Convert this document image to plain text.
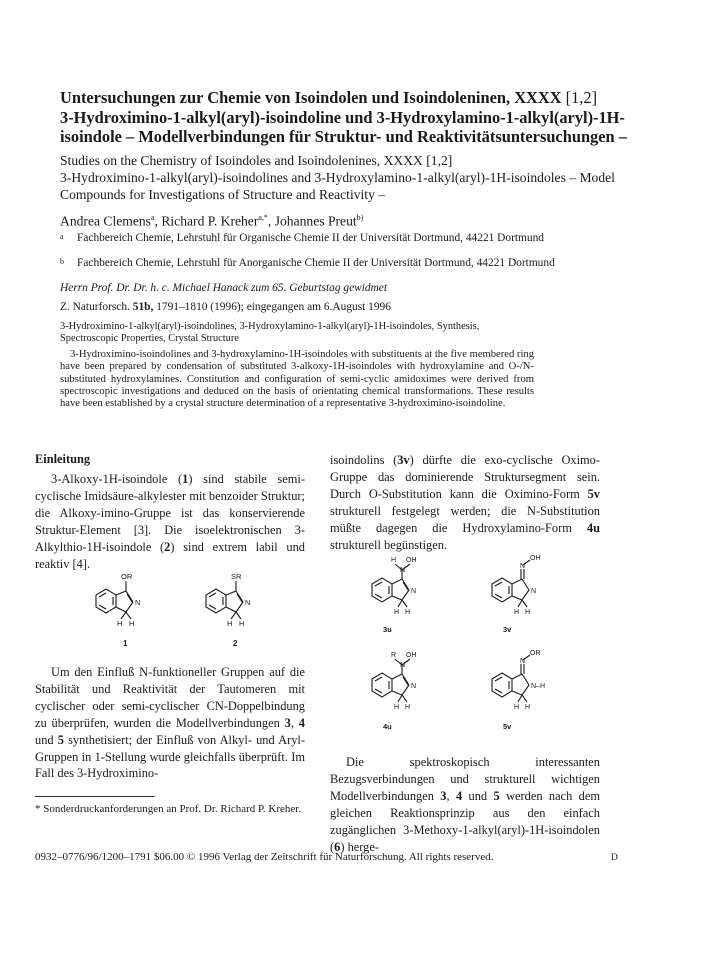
Untersuchungen zur Chemie von Isoindolen und Isoindoleninen, XXXX [1,2]
3-Hydroximino-1-alkyl(aryl)-isoindoline und 3-Hydroxylamino-1-alkyl(aryl)-1H-isoindole – Modellverbindungen für Struktur- und Reaktivitätsuntersuchungen –
Studies on the Chemistry of Isoindoles and Isoindolenines, XXXX [1,2]
3-Hydroximino-1-alkyl(aryl)-isoindolines and 3-Hydroxylamino-1-alkyl(aryl)-1H-isoindoles – Model Compounds for Investigations of Structure and Reactivity –
Andrea Clemens$^a$, Richard P. Kreher$^{a,*}$, Johannes Preut$^{b)}$
a	Fachbereich Chemie, Lehrstuhl für Organische Chemie II der Universität Dortmund, 44221 Dortmund
b	Fachbereich Chemie, Lehrstuhl für Anorganische Chemie II der Universität Dortmund, 44221 Dortmund
Herrn Prof. Dr. Dr. h. c. Michael Hanack zum 65. Geburtstag gewidmet
Z. Naturforsch. 51b, 1791–1810 (1996); eingegangen am 6.August 1996
3-Hydroximino-1-alkyl(aryl)-isoindolines, 3-Hydroxylamino-1-alkyl(aryl)-1H-isoindoles, Synthesis, Spectroscopic Properties, Crystal Structure
3-Hydroximino-isoindolines and 3-hydroxylamino-1H-isoindoles with substituents at the five membered ring have been prepared by condensation of substituted 3-alkoxy-1H-isoindoles with hydroxylamine and O-/N-substituted hydroxylamines. Constitution and configuration of semi-cyclic amidoximes were derived from spectroscopic investigations and deduced on the basis of orientating chemical transformations. These results have been established by a crystal structure determination of a representative 3-hydroximino-isoindoline.
Einleitung

3-Alkoxy-1H-isoindole (1) sind stabile semi-cyclische Imidsäure-alkylester mit benzoider Struktur; die Alkoxy-imino-Gruppe ist das konservierende Struktur-Element [3]. Die isoelektronischen 3-Alkylthio-1H-isoindole (2) sind extrem labil und reaktiv [4].

OR
N
H H
SR
N
H H
1	2

Um den Einfluß N-funktioneller Gruppen auf die Stabilität und Reaktivität der Tautomeren mit cyclischer oder semi-cyclischer CN-Doppelbindung zu überprüfen, wurden die Modellverbindungen 3, 4 und 5 synthetisiert; der Einfluß von Alkyl- und Aryl-Gruppen in 1-Stellung wurde gleichfalls überprüft. Im Fall des 3-Hydroximino-

* Sonderdruckanforderungen an Prof. Dr. Richard P. Kreher.

isoindolins (3v) dürfte die exo-cyclische Oximo-Gruppe das dominierende Struktursegment sein. Durch O-Substitution kann die Oximino-Form 5v strukturell festgelegt werden; die N-Substitution müßte dagegen die Hydroxylamino-Form 4u strukturell begünstigen.

H OH
N
N
H H
OH
N
N
H H
R OH
N
N
H H
OR
N
N–H
H H
3u	3v
4u	5v

Die spektroskopisch interessanten Bezugsverbindungen und strukturell wichtigen Modellverbindungen 3, 4 und 5 werden nach dem gleichen Reaktionsprinzip aus den einfach zugänglichen 3-Methoxy-1-alkyl(aryl)-1H-isoindolen (6) herge-

0932–0776/96/1200–1791 $06.00 © 1996 Verlag der Zeitschrift für Naturforschung. All rights reserved.	D
